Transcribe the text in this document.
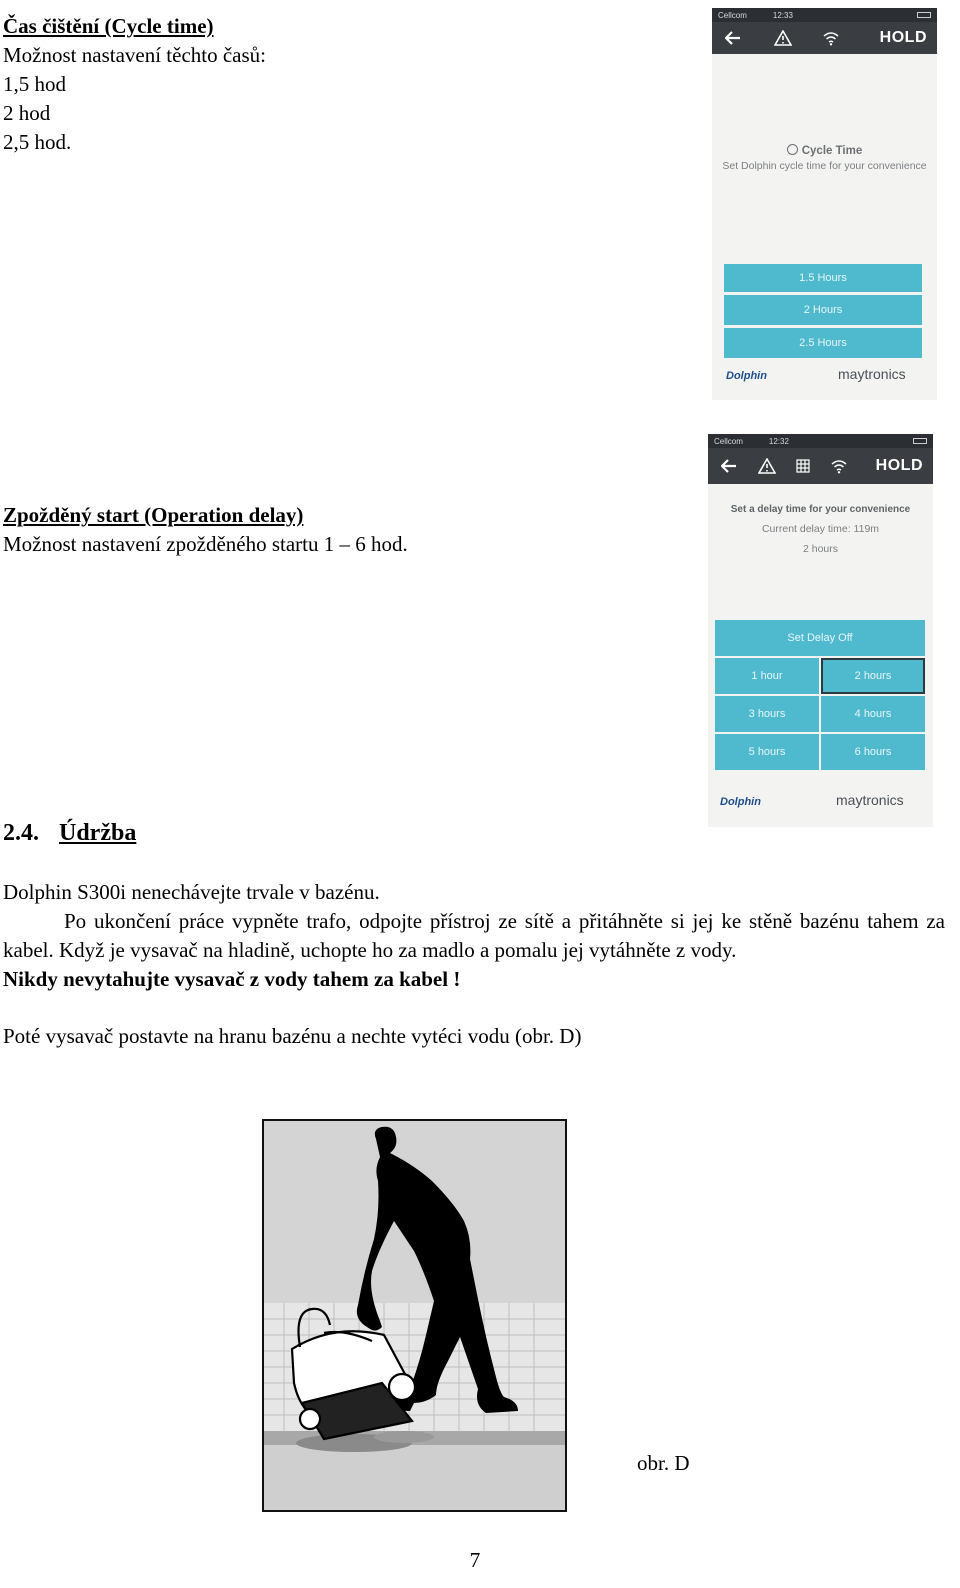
Čas čištění (Cycle time)
Možnost nastavení těchto časů:
1,5 hod
2 hod
2,5 hod.
Cellcom	12:33
HOLD
Cycle Time
Set Dolphin cycle time for your convenience
1.5 Hours
2 Hours
2.5 Hours
Dolphin	maytronics
Zpožděný start (Operation delay)
Možnost nastavení zpožděného startu 1 – 6 hod.
Cellcom	12:32
HOLD
Set a delay time for your convenience
Current delay time: 119m
2 hours
Set Delay Off
1 hour	2 hours
3 hours	4 hours
5 hours	6 hours
Dolphin	maytronics
2.4. Údržba
Dolphin S300i nenechávejte trvale v bazénu.
Po ukončení práce vypněte trafo, odpojte přístroj ze sítě a přitáhněte si jej ke stěně bazénu tahem za kabel. Když je vysavač na hladině, uchopte ho za madlo a pomalu jej vytáhněte z vody.
Nikdy nevytahujte vysavač z vody tahem za kabel !
Poté vysavač postavte na hranu bazénu a nechte vytéci vodu (obr. D)
obr. D
7
